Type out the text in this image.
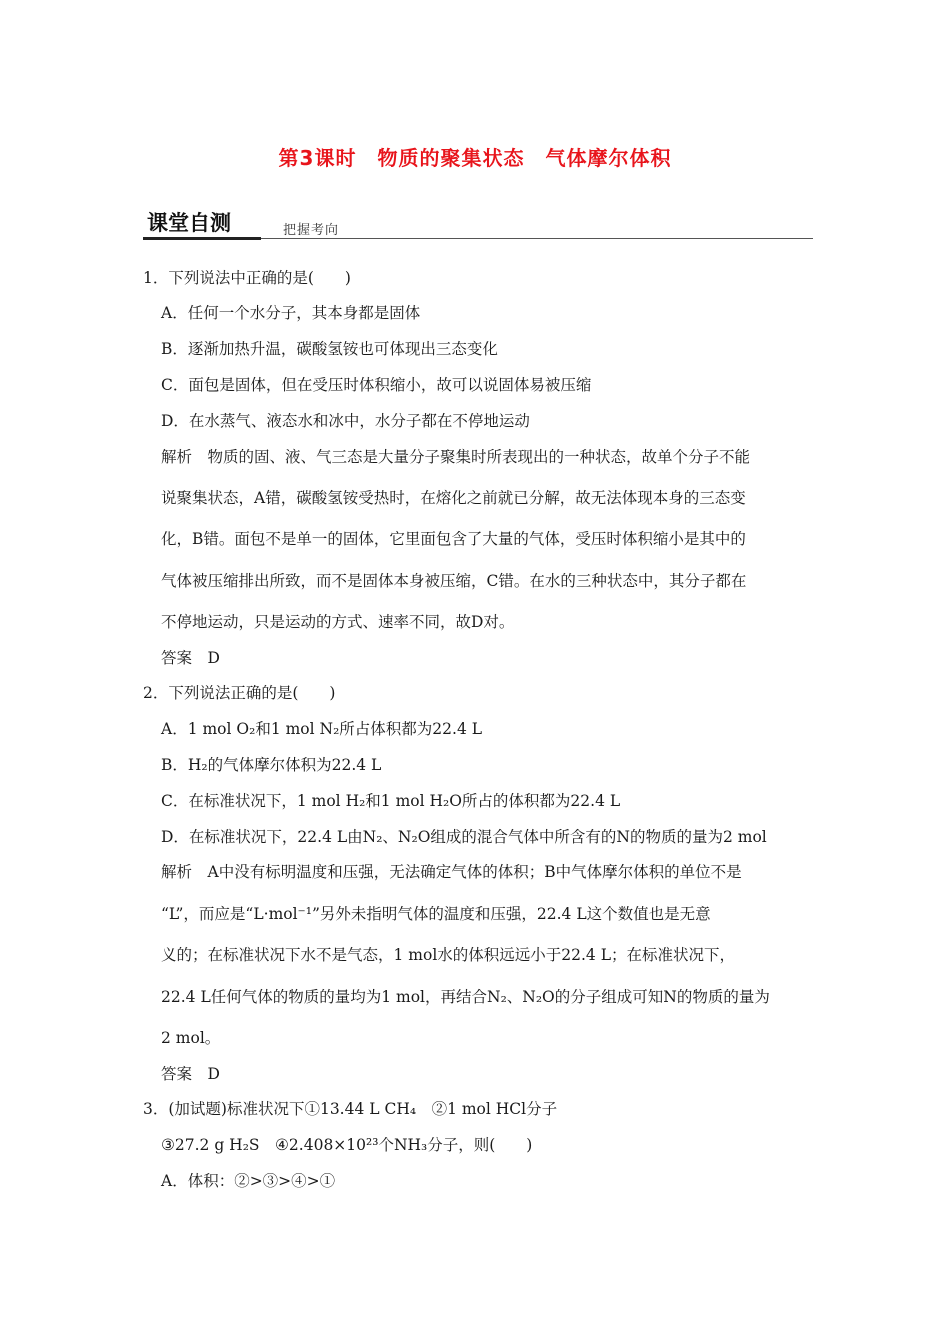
第3课时　物质的聚集状态　气体摩尔体积
课堂自测	把握考向
1．下列说法中正确的是(　　)
A．任何一个水分子，其本身都是固体
B．逐渐加热升温，碳酸氢铵也可体现出三态变化
C．面包是固体，但在受压时体积缩小，故可以说固体易被压缩
D．在水蒸气、液态水和冰中，水分子都在不停地运动
解析　物质的固、液、气三态是大量分子聚集时所表现出的一种状态，故单个分子不能
说聚集状态，A错，碳酸氢铵受热时，在熔化之前就已分解，故无法体现本身的三态变
化，B错。面包不是单一的固体，它里面包含了大量的气体，受压时体积缩小是其中的
气体被压缩排出所致，而不是固体本身被压缩，C错。在水的三种状态中，其分子都在
不停地运动，只是运动的方式、速率不同，故D对。
答案　D
2．下列说法正确的是(　　)
A．1 mol O₂和1 mol N₂所占体积都为22.4 L
B．H₂的气体摩尔体积为22.4 L
C．在标准状况下，1 mol H₂和1 mol H₂O所占的体积都为22.4 L
D．在标准状况下，22.4 L由N₂、N₂O组成的混合气体中所含有的N的物质的量为2 mol
解析　A中没有标明温度和压强，无法确定气体的体积；B中气体摩尔体积的单位不是
“L”，而应是“L·mol⁻¹”另外未指明气体的温度和压强，22.4 L这个数值也是无意
义的；在标准状况下水不是气态，1 mol水的体积远远小于22.4 L；在标准状况下，
22.4 L任何气体的物质的量均为1 mol，再结合N₂、N₂O的分子组成可知N的物质的量为
2 mol。
答案　D
3．(加试题)标准状况下①13.44 L CH₄　②1 mol HCl分子
③27.2 g H₂S　④2.408×10²³个NH₃分子，则(　　)
A．体积：②>③>④>①
